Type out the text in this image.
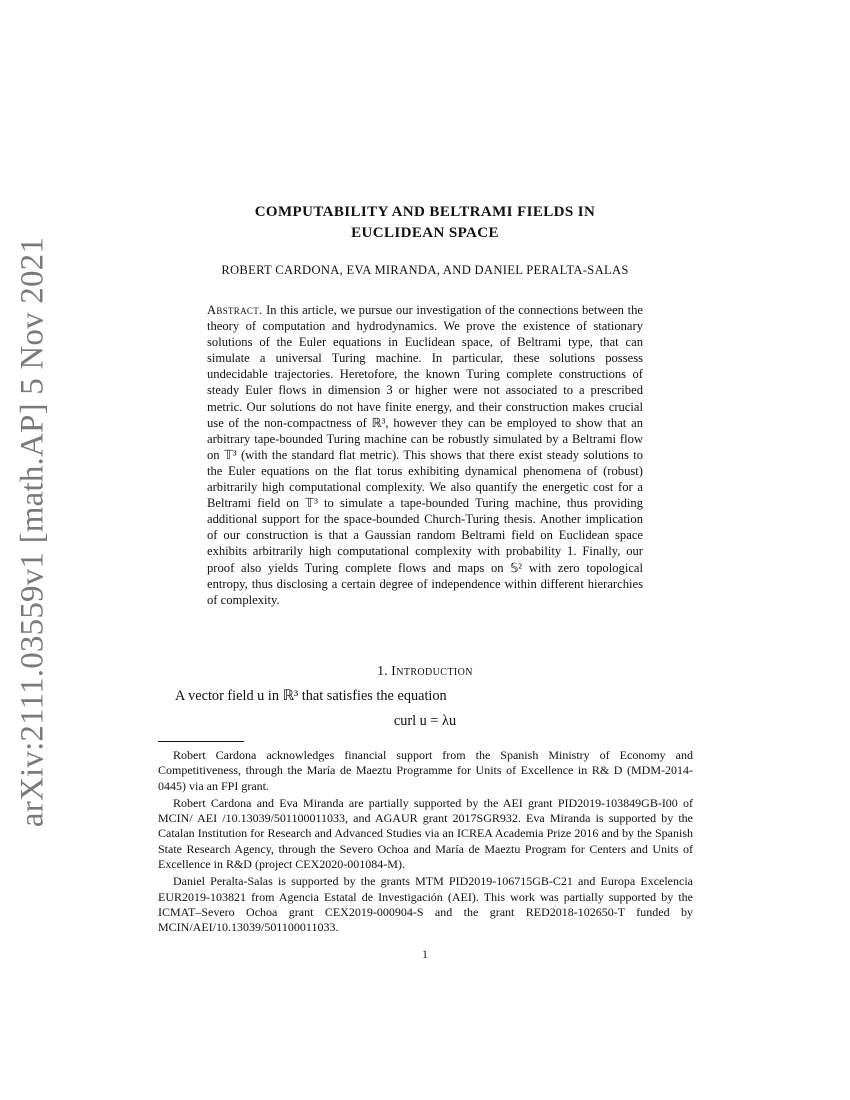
arXiv:2111.03559v1 [math.AP] 5 Nov 2021
COMPUTABILITY AND BELTRAMI FIELDS IN
EUCLIDEAN SPACE
ROBERT CARDONA, EVA MIRANDA, AND DANIEL PERALTA-SALAS
Abstract. In this article, we pursue our investigation of the connections between the theory of computation and hydrodynamics. We prove the existence of stationary solutions of the Euler equations in Euclidean space, of Beltrami type, that can simulate a universal Turing machine. In particular, these solutions possess undecidable trajectories. Heretofore, the known Turing complete constructions of steady Euler flows in dimension 3 or higher were not associated to a prescribed metric. Our solutions do not have finite energy, and their construction makes crucial use of the non-compactness of ℝ³, however they can be employed to show that an arbitrary tape-bounded Turing machine can be robustly simulated by a Beltrami flow on 𝕋³ (with the standard flat metric). This shows that there exist steady solutions to the Euler equations on the flat torus exhibiting dynamical phenomena of (robust) arbitrarily high computational complexity. We also quantify the energetic cost for a Beltrami field on 𝕋³ to simulate a tape-bounded Turing machine, thus providing additional support for the space-bounded Church-Turing thesis. Another implication of our construction is that a Gaussian random Beltrami field on Euclidean space exhibits arbitrarily high computational complexity with probability 1. Finally, our proof also yields Turing complete flows and maps on 𝕊² with zero topological entropy, thus disclosing a certain degree of independence within different hierarchies of complexity.
1. Introduction
A vector field u in ℝ³ that satisfies the equation
curl u = λu

Robert Cardona acknowledges financial support from the Spanish Ministry of Economy and Competitiveness, through the María de Maeztu Programme for Units of Excellence in R& D (MDM-2014-0445) via an FPI grant.

Robert Cardona and Eva Miranda are partially supported by the AEI grant PID2019-103849GB-I00 of MCIN/ AEI /10.13039/501100011033, and AGAUR grant 2017SGR932. Eva Miranda is supported by the Catalan Institution for Research and Advanced Studies via an ICREA Academia Prize 2016 and by the Spanish State Research Agency, through the Severo Ochoa and María de Maeztu Program for Centers and Units of Excellence in R&D (project CEX2020-001084-M).

Daniel Peralta-Salas is supported by the grants MTM PID2019-106715GB-C21 and Europa Excelencia EUR2019-103821 from Agencia Estatal de Investigación (AEI). This work was partially supported by the ICMAT–Severo Ochoa grant CEX2019-000904-S and the grant RED2018-102650-T funded by MCIN/AEI/10.13039/501100011033.

1
